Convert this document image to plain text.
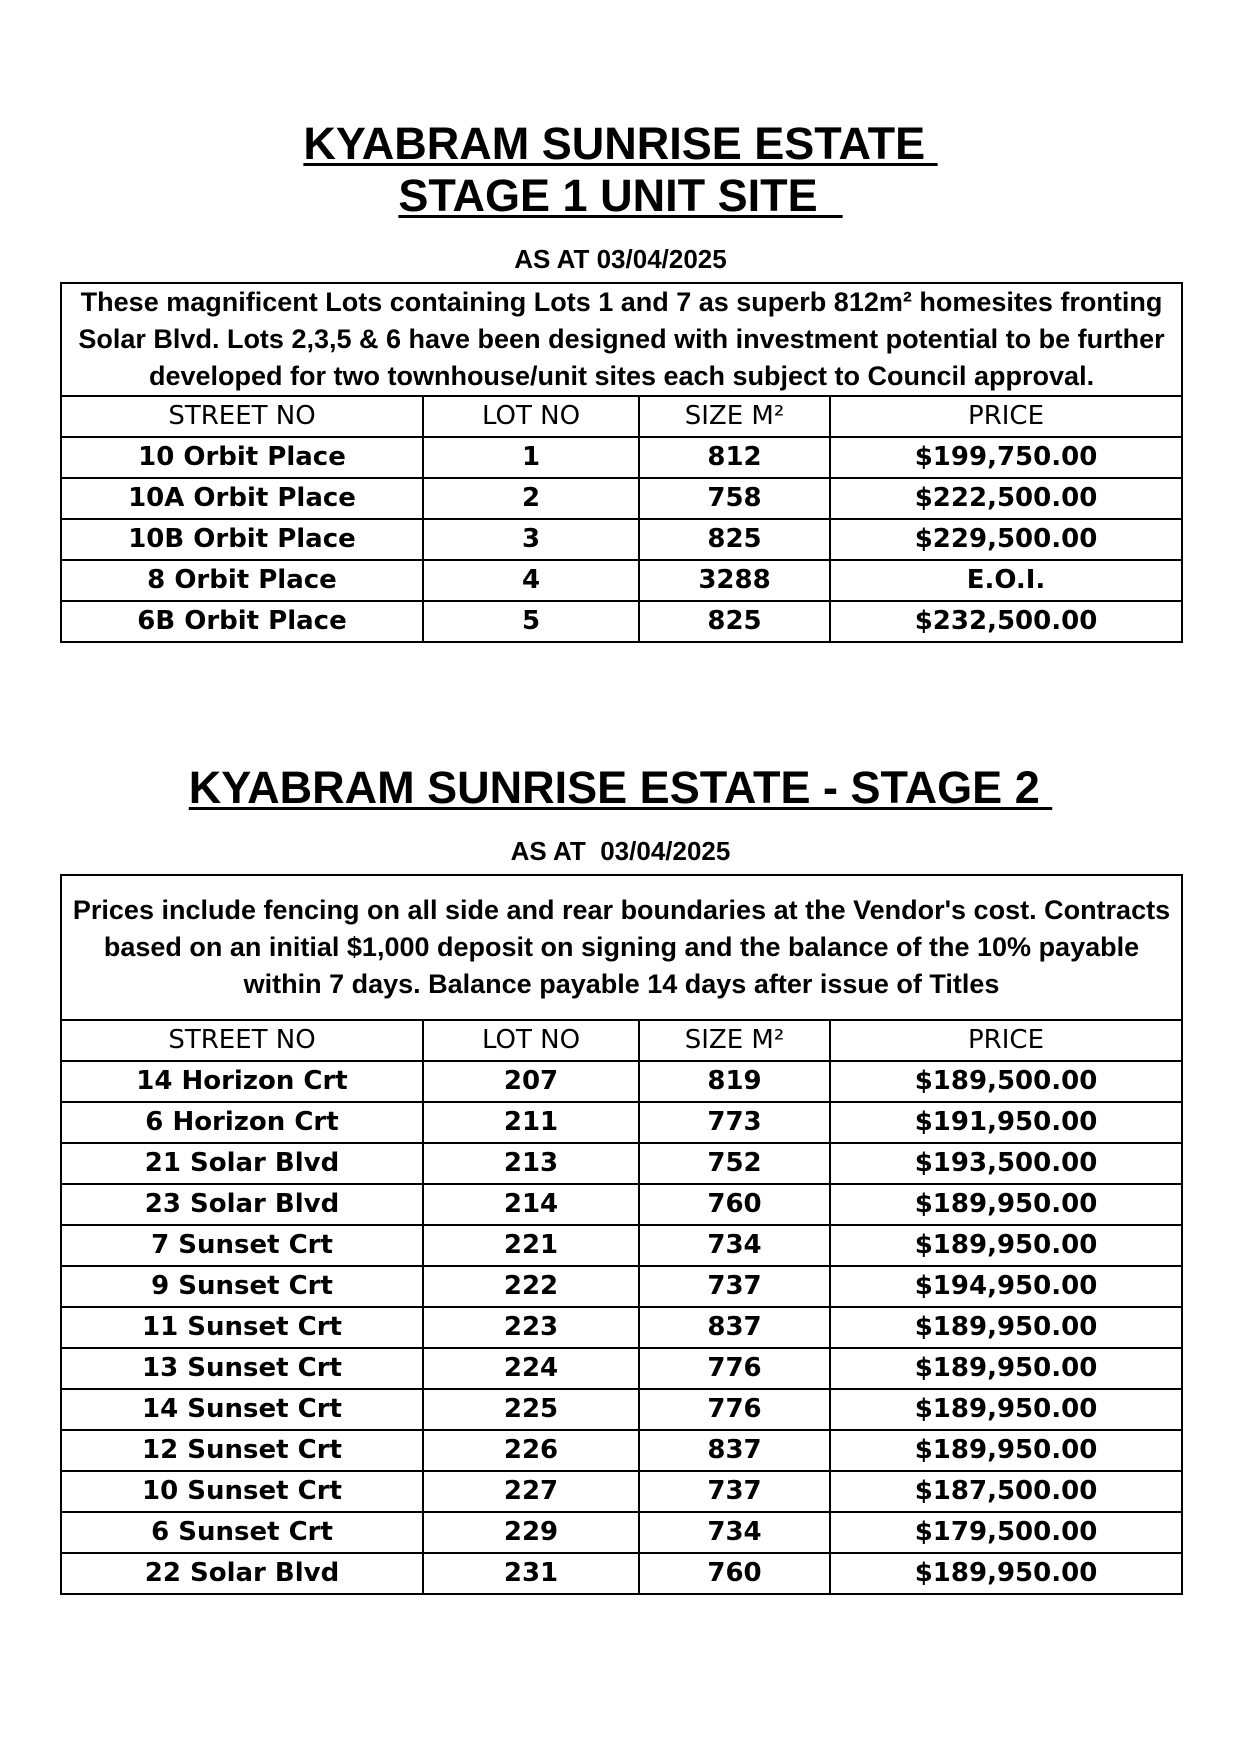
KYABRAM SUNRISE ESTATE
STAGE 1 UNIT SITE
AS AT 03/04/2025
These magnificent Lots containing Lots 1 and 7 as superb 812m² homesites fronting Solar Blvd. Lots 2,3,5 & 6 have been designed with investment potential to be further developed for two townhouse/unit sites each subject to Council approval.			
STREET NO	LOT NO	SIZE M²	PRICE
10 Orbit Place	1	812	$199,750.00
10A Orbit Place	2	758	$222,500.00
10B Orbit Place	3	825	$229,500.00
8 Orbit Place	4	3288	E.O.I.
6B Orbit Place	5	825	$232,500.00
KYABRAM SUNRISE ESTATE - STAGE 2
AS AT  03/04/2025
Prices include fencing on all side and rear boundaries at the Vendor's cost. Contracts based on an initial $1,000 deposit on signing and the balance of the 10% payable within 7 days. Balance payable 14 days after issue of Titles			
STREET NO	LOT NO	SIZE M²	PRICE
14 Horizon Crt	207	819	$189,500.00
6 Horizon Crt	211	773	$191,950.00
21 Solar Blvd	213	752	$193,500.00
23 Solar Blvd	214	760	$189,950.00
7 Sunset Crt	221	734	$189,950.00
9 Sunset Crt	222	737	$194,950.00
11 Sunset Crt	223	837	$189,950.00
13 Sunset Crt	224	776	$189,950.00
14 Sunset Crt	225	776	$189,950.00
12 Sunset Crt	226	837	$189,950.00
10 Sunset Crt	227	737	$187,500.00
6 Sunset Crt	229	734	$179,500.00
22 Solar Blvd	231	760	$189,950.00
